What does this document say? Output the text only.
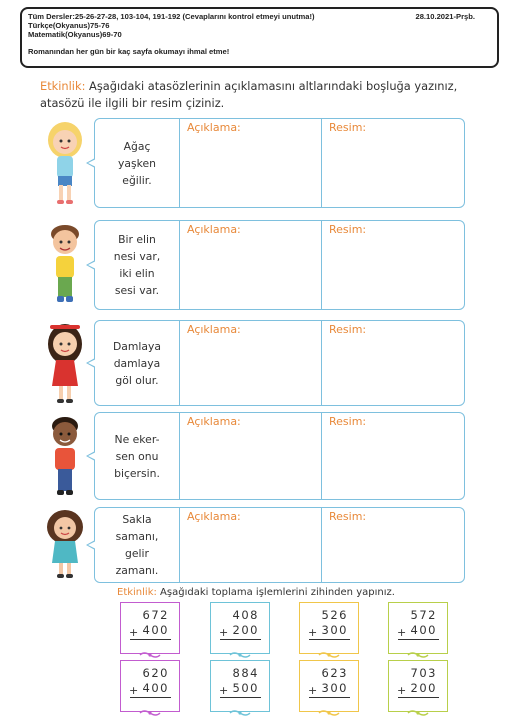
Tüm Dersler:25-26-27-28, 103-104, 191-192 (Cevaplarını kontrol etmeyi unutma!)
Türkçe(Okyanus)75-76
Matematik(Okyanus)69-70
28.10.2021-Prşb.
Romanından her gün bir kaç sayfa okumayı ihmal etme!
Etkinlik: Aşağıdaki atasözlerinin açıklamasını altlarındaki boşluğa yazınız, atasözü ile ilgili bir resim çiziniz.
Ağaç
yaşken
eğilir.
Açıklama:	Resim:
Bir elin
nesi var,
iki elin
sesi var.
Açıklama:	Resim:
Damlaya
damlaya
göl olur.
Açıklama:	Resim:
Ne eker-
sen onu
biçersin.
Açıklama:	Resim:
Sakla
samanı,
gelir
zamanı.
Açıklama:	Resim:
Etkinlik: Aşağıdaki toplama işlemlerini zihinden yapınız.
672
+ 400
408
+ 200
526
+ 300
572
+ 400
620
+ 400
884
+ 500
623
+ 300
703
+ 200
